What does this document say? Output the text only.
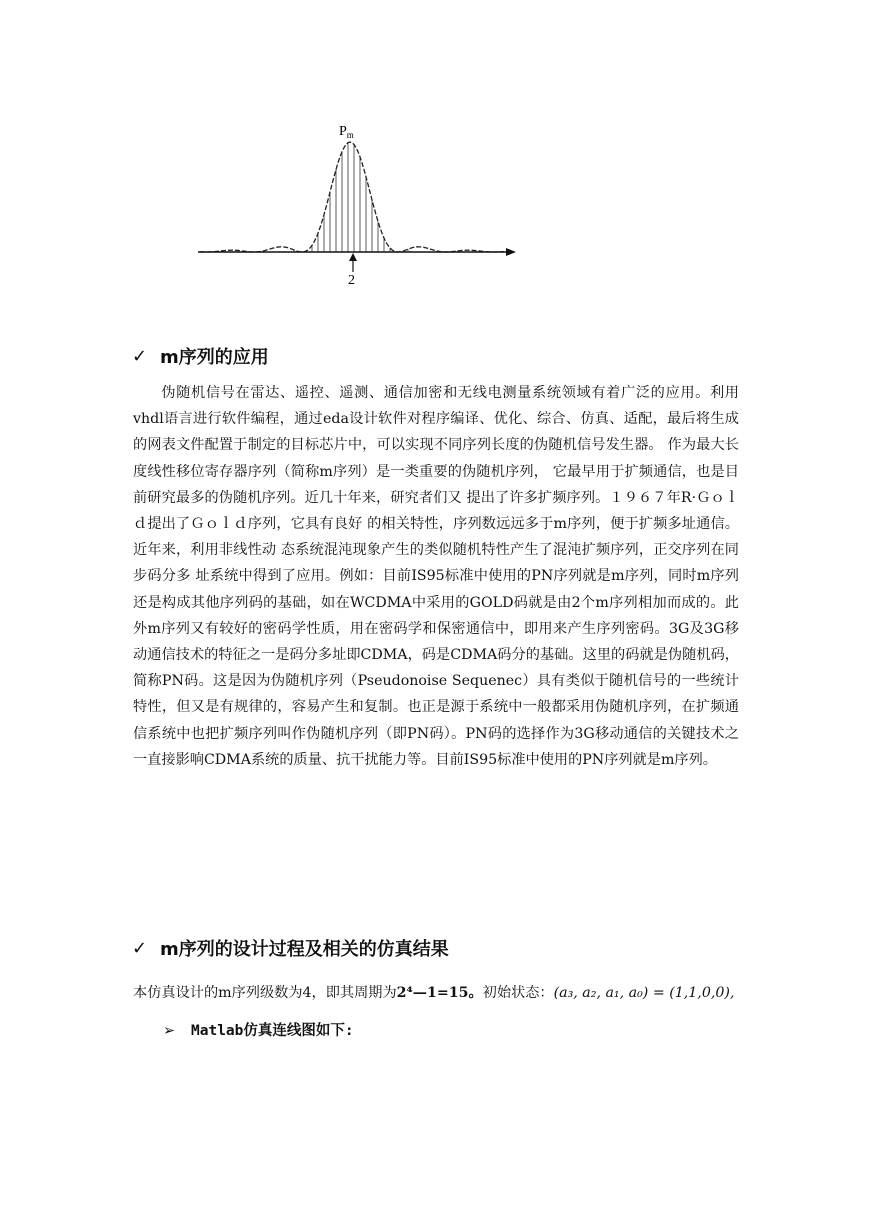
2
$P_m$
✓ m序列的应用

伪随机信号在雷达、遥控、遥测、通信加密和无线电测量系统领域有着广泛的应用。利用vhdl语言进行软件编程，通过eda设计软件对程序编译、优化、综合、仿真、适配，最后将生成的网表文件配置于制定的目标芯片中，可以实现不同序列长度的伪随机信号发生器。 作为最大长度线性移位寄存器序列（简称m序列）是一类重要的伪随机序列， 它最早用于扩频通信，也是目前研究最多的伪随机序列。近几十年来，研究者们又 提出了许多扩频序列。１９６７年R·Ｇｏｌｄ提出了Ｇｏｌｄ序列，它具有良好 的相关特性，序列数远远多于m序列，便于扩频多址通信。近年来，利用非线性动 态系统混沌现象产生的类似随机特性产生了混沌扩频序列，正交序列在同步码分多 址系统中得到了应用。例如：目前IS95标准中使用的PN序列就是m序列，同时m序列还是构成其他序列码的基础，如在WCDMA中采用的GOLD码就是由2个m序列相加而成的。此外m序列又有较好的密码学性质，用在密码学和保密通信中，即用来产生序列密码。3G及3G移动通信技术的特征之一是码分多址即CDMA，码是CDMA码分的基础。这里的码就是伪随机码，简称PN码。这是因为伪随机序列（Pseudonoise Sequenec）具有类似于随机信号的一些统计特性，但又是有规律的，容易产生和复制。也正是源于系统中一般都采用伪随机序列，在扩频通信系统中也把扩频序列叫作伪随机序列（即PN码）。PN码的选择作为3G移动通信的关键技术之一直接影响CDMA系统的质量、抗干扰能力等。目前IS95标准中使用的PN序列就是m序列。

✓ m序列的设计过程及相关的仿真结果
本仿真设计的m序列级数为4，即其周期为2⁴—1=15。初始状态：(a₃, a₂, a₁, a₀) = (1,1,0,0),
➢ Matlab仿真连线图如下:
